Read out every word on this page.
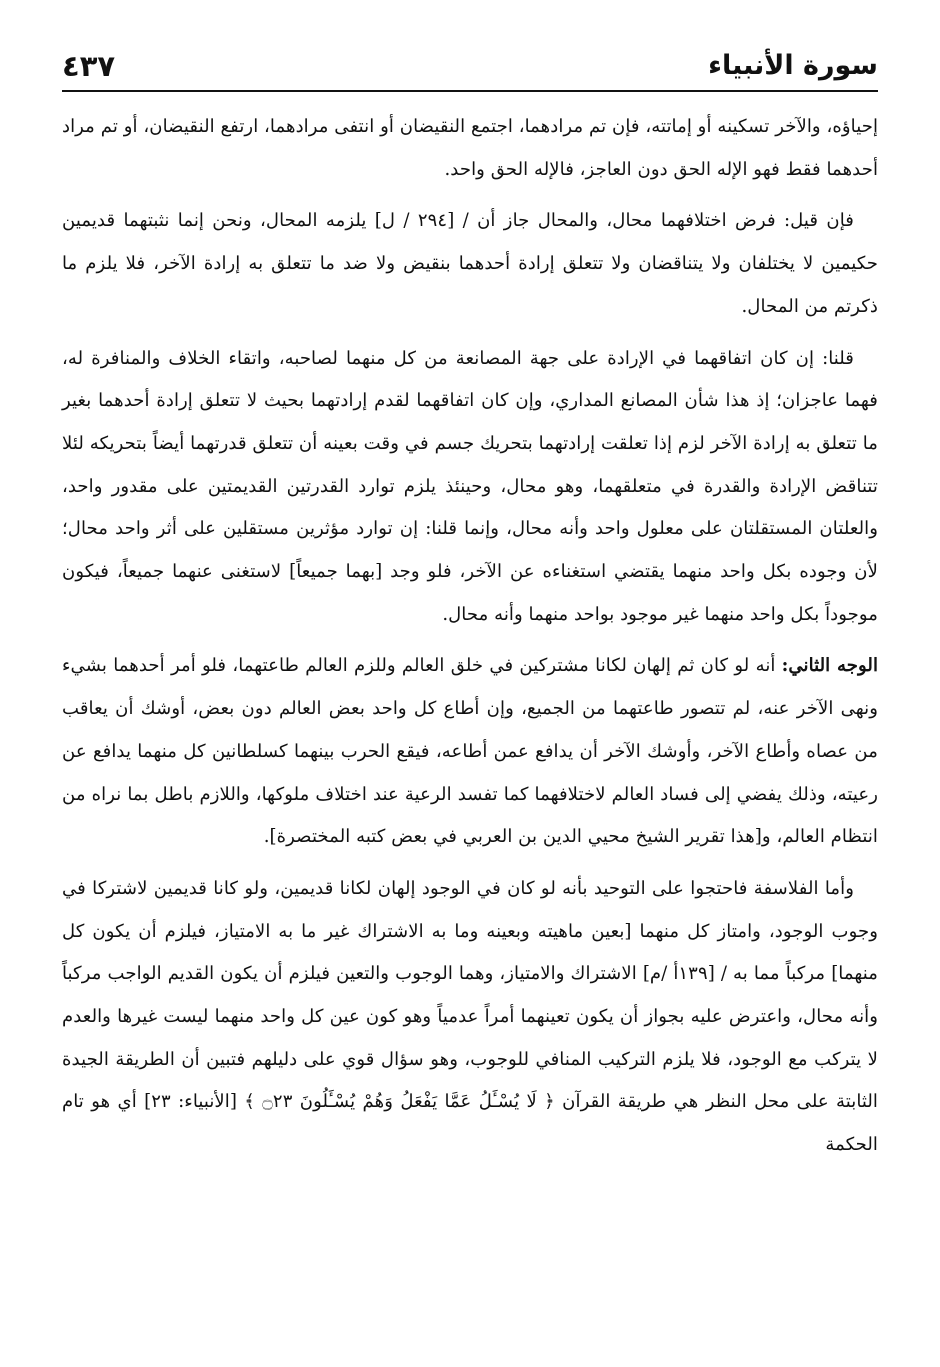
سورة الأنبياء
٤٣٧

إحياؤه، والآخر تسكينه أو إماتته، فإن تم مرادهما، اجتمع النقيضان أو انتفى مرادهما، ارتفع النقيضان، أو تم مراد أحدهما فقط فهو الإله الحق دون العاجز، فالإله الحق واحد.

فإن قيل: فرض اختلافهما محال، والمحال جاز أن / [٢٩٤ / ل] يلزمه المحال، ونحن إنما نثبتهما قديمين حكيمين لا يختلفان ولا يتناقضان ولا تتعلق إرادة أحدهما بنقيض ولا ضد ما تتعلق به إرادة الآخر، فلا يلزم ما ذكرتم من المحال.

قلنا: إن كان اتفاقهما في الإرادة على جهة المصانعة من كل منهما لصاحبه، واتقاء الخلاف والمنافرة له، فهما عاجزان؛ إذ هذا شأن المصانع المداري، وإن كان اتفاقهما لقدم إرادتهما بحيث لا تتعلق إرادة أحدهما بغير ما تتعلق به إرادة الآخر لزم إذا تعلقت إرادتهما بتحريك جسم في وقت بعينه أن تتعلق قدرتهما أيضاً بتحريكه لئلا تتناقض الإرادة والقدرة في متعلقهما، وهو محال، وحينئذ يلزم توارد القدرتين القديمتين على مقدور واحد، والعلتان المستقلتان على معلول واحد وأنه محال، وإنما قلنا: إن توارد مؤثرين مستقلين على أثر واحد محال؛ لأن وجوده بكل واحد منهما يقتضي استغناءه عن الآخر، فلو وجد [بهما جميعاً] لاستغنى عنهما جميعاً، فيكون موجوداً بكل واحد منهما غير موجود بواحد منهما وأنه محال.

الوجه الثاني: أنه لو كان ثم إلهان لكانا مشتركين في خلق العالم وللزم العالم طاعتهما، فلو أمر أحدهما بشيء ونهى الآخر عنه، لم تتصور طاعتهما من الجميع، وإن أطاع كل واحد بعض العالم دون بعض، أوشك أن يعاقب من عصاه وأطاع الآخر، وأوشك الآخر أن يدافع عمن أطاعه، فيقع الحرب بينهما كسلطانين كل منهما يدافع عن رعيته، وذلك يفضي إلى فساد العالم لاختلافهما كما تفسد الرعية عند اختلاف ملوكها، واللازم باطل بما نراه من انتظام العالم، و[هذا تقرير الشيخ محيي الدين بن العربي في بعض كتبه المختصرة].

وأما الفلاسفة فاحتجوا على التوحيد بأنه لو كان في الوجود إلهان لكانا قديمين، ولو كانا قديمين لاشتركا في وجوب الوجود، وامتاز كل منهما [بعين ماهيته وبعينه وما به الاشتراك غير ما به الامتياز، فيلزم أن يكون كل منهما] مركباً مما به / [١٣٩أ /م] الاشتراك والامتياز، وهما الوجوب والتعين فيلزم أن يكون القديم الواجب مركباً وأنه محال، واعترض عليه بجواز أن يكون تعينهما أمراً عدمياً وهو كون عين كل واحد منهما ليست غيرها والعدم لا يتركب مع الوجود، فلا يلزم التركيب المنافي للوجوب، وهو سؤال قوي على دليلهم فتبين أن الطريقة الجيدة الثابتة على محل النظر هي طريقة القرآن ﴿ لَا يُسْـَٔلُ عَمَّا يَفْعَلُ وَهُمْ يُسْـَٔلُونَ ۝٢٣ ﴾ [الأنبياء: ٢٣] أي هو تام الحكمة
